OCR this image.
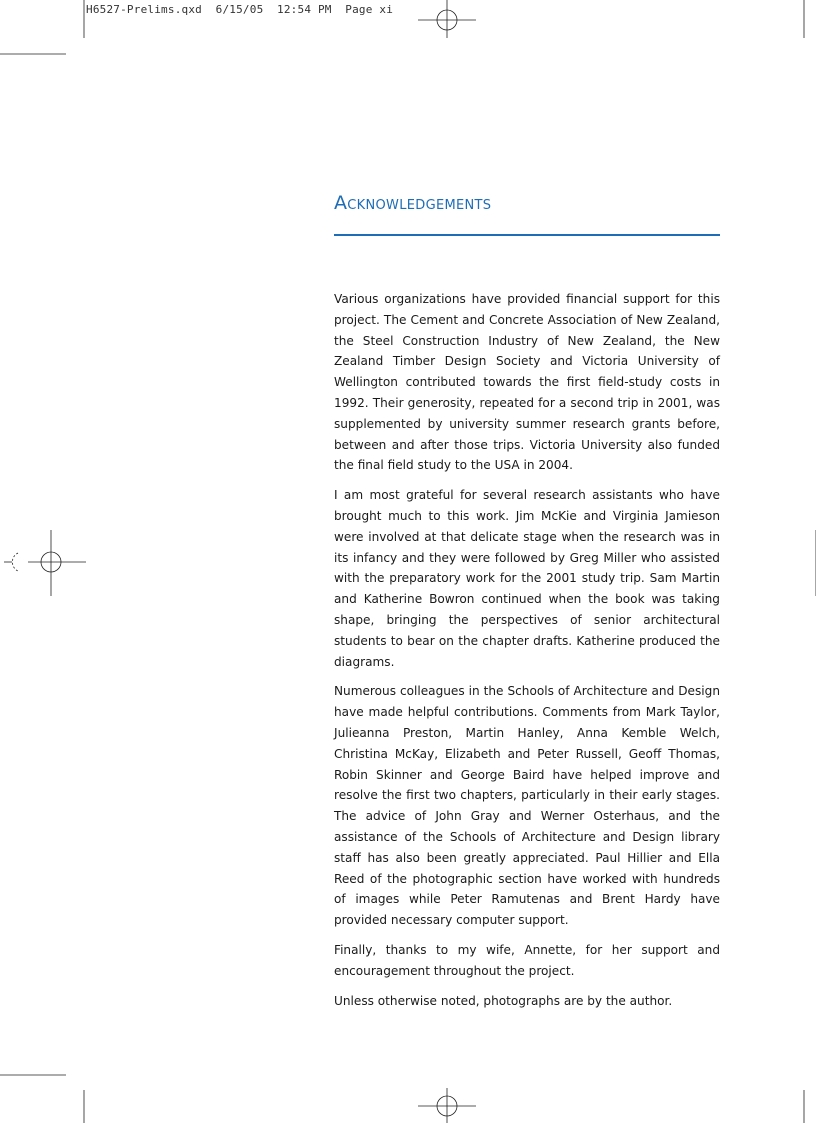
H6527-Prelims.qxd  6/15/05  12:54 PM  Page xi
Acknowledgements

Various organizations have provided financial support for this project. The Cement and Concrete Association of New Zealand, the Steel Construction Industry of New Zealand, the New Zealand Timber Design Society and Victoria University of Wellington contributed towards the first field-study costs in 1992. Their generosity, repeated for a second trip in 2001, was supplemented by university summer research grants before, between and after those trips. Victoria University also funded the final field study to the USA in 2004.

I am most grateful for several research assistants who have brought much to this work. Jim McKie and Virginia Jamieson were involved at that delicate stage when the research was in its infancy and they were followed by Greg Miller who assisted with the preparatory work for the 2001 study trip. Sam Martin and Katherine Bowron continued when the book was taking shape, bringing the perspectives of senior architectural students to bear on the chapter drafts. Katherine produced the diagrams.

Numerous colleagues in the Schools of Architecture and Design have made helpful contributions. Comments from Mark Taylor, Julieanna Preston, Martin Hanley, Anna Kemble Welch, Christina McKay, Elizabeth and Peter Russell, Geoff Thomas, Robin Skinner and George Baird have helped improve and resolve the first two chapters, particularly in their early stages. The advice of John Gray and Werner Osterhaus, and the assistance of the Schools of Architecture and Design library staff has also been greatly appreciated. Paul Hillier and Ella Reed of the photographic section have worked with hundreds of images while Peter Ramutenas and Brent Hardy have provided necessary computer support.

Finally, thanks to my wife, Annette, for her support and encouragement throughout the project.

Unless otherwise noted, photographs are by the author.
